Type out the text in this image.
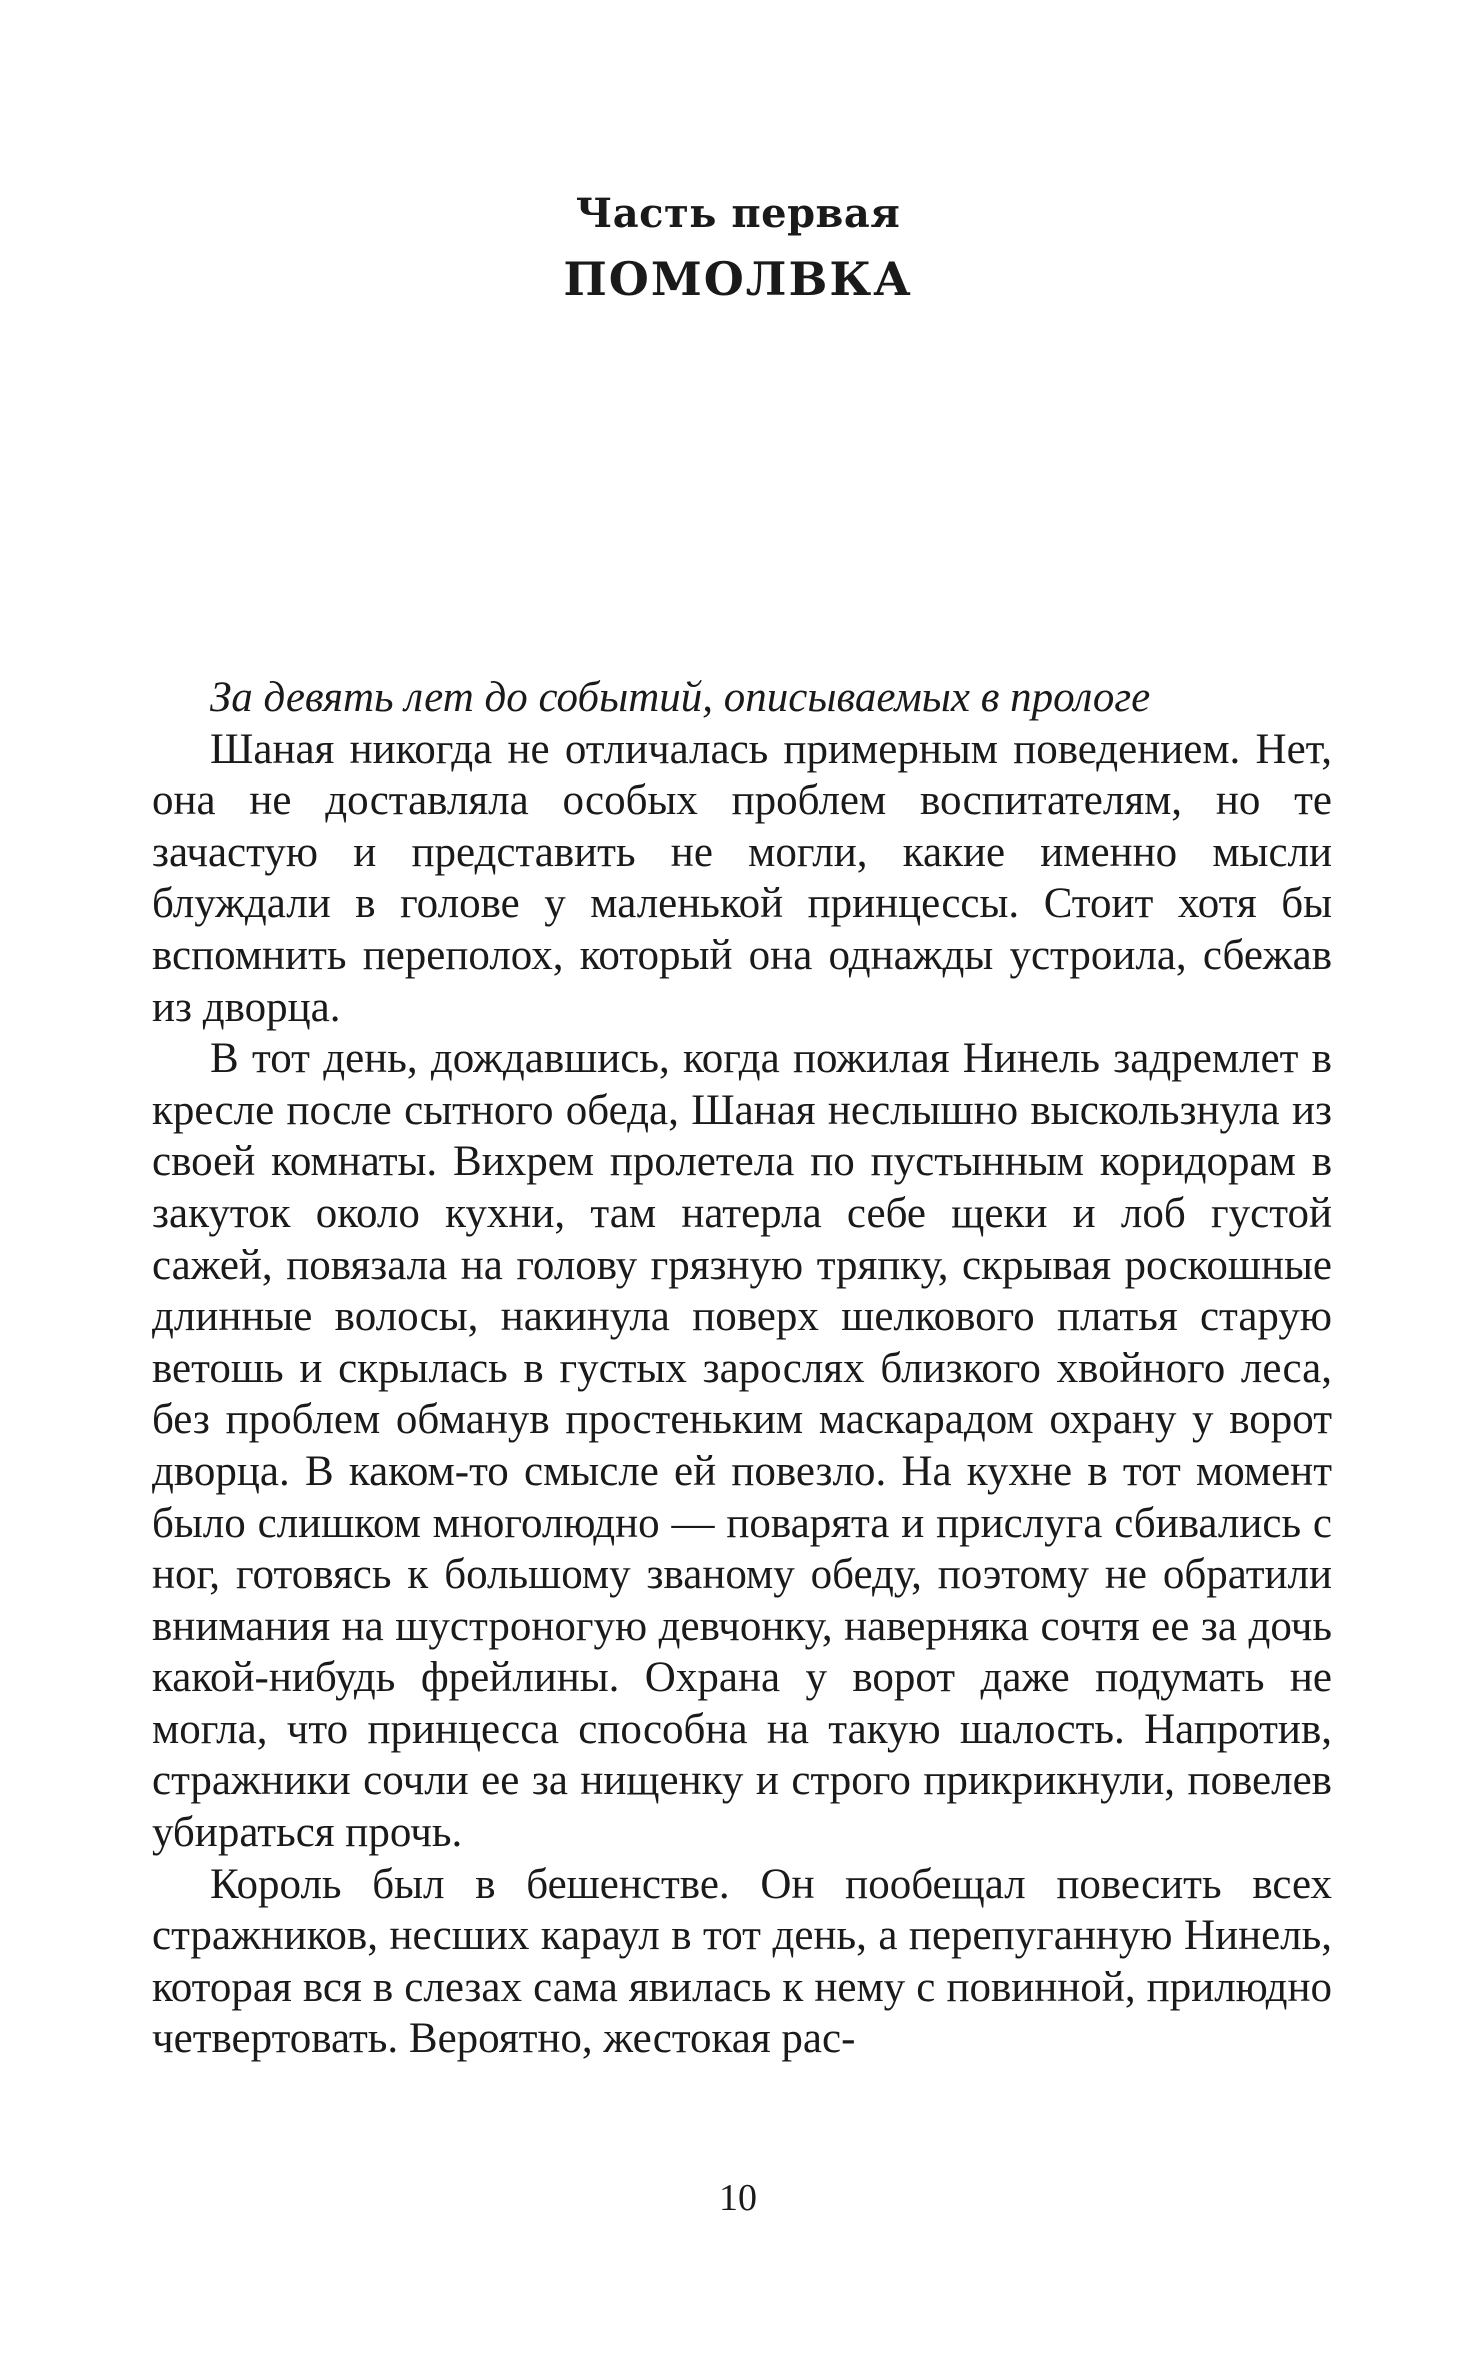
Часть первая
ПОМОЛВКА

За девять лет до событий, описываемых в прологе

Шаная никогда не отличалась примерным поведением. Нет, она не доставляла особых проблем воспитателям, но те зачастую и представить не могли, какие именно мысли блуждали в голове у маленькой принцессы. Стоит хотя бы вспомнить переполох, который она однажды устроила, сбежав из дворца.

В тот день, дождавшись, когда пожилая Нинель задремлет в кресле после сытного обеда, Шаная неслышно выскользнула из своей комнаты. Вихрем пролетела по пустынным коридорам в закуток около кухни, там натерла себе щеки и лоб густой сажей, повязала на голову грязную тряпку, скрывая роскошные длинные волосы, накинула поверх шелкового платья старую ветошь и скрылась в густых зарослях близкого хвойного леса, без проблем обманув простеньким маскарадом охрану у ворот дворца. В каком-то смысле ей повезло. На кухне в тот момент было слишком многолюдно — поварята и прислуга сбивались с ног, готовясь к большому званому обеду, поэтому не обратили внимания на шустроногую девчонку, наверняка сочтя ее за дочь какой-нибудь фрейлины. Охрана у ворот даже подумать не могла, что принцесса способна на такую шалость. Напротив, стражники сочли ее за нищенку и строго прикрикнули, повелев убираться прочь.

Король был в бешенстве. Он пообещал повесить всех стражников, несших караул в тот день, а перепуганную Нинель, которая вся в слезах сама явилась к нему с повинной, прилюдно четвертовать. Вероятно, жестокая рас-

10
